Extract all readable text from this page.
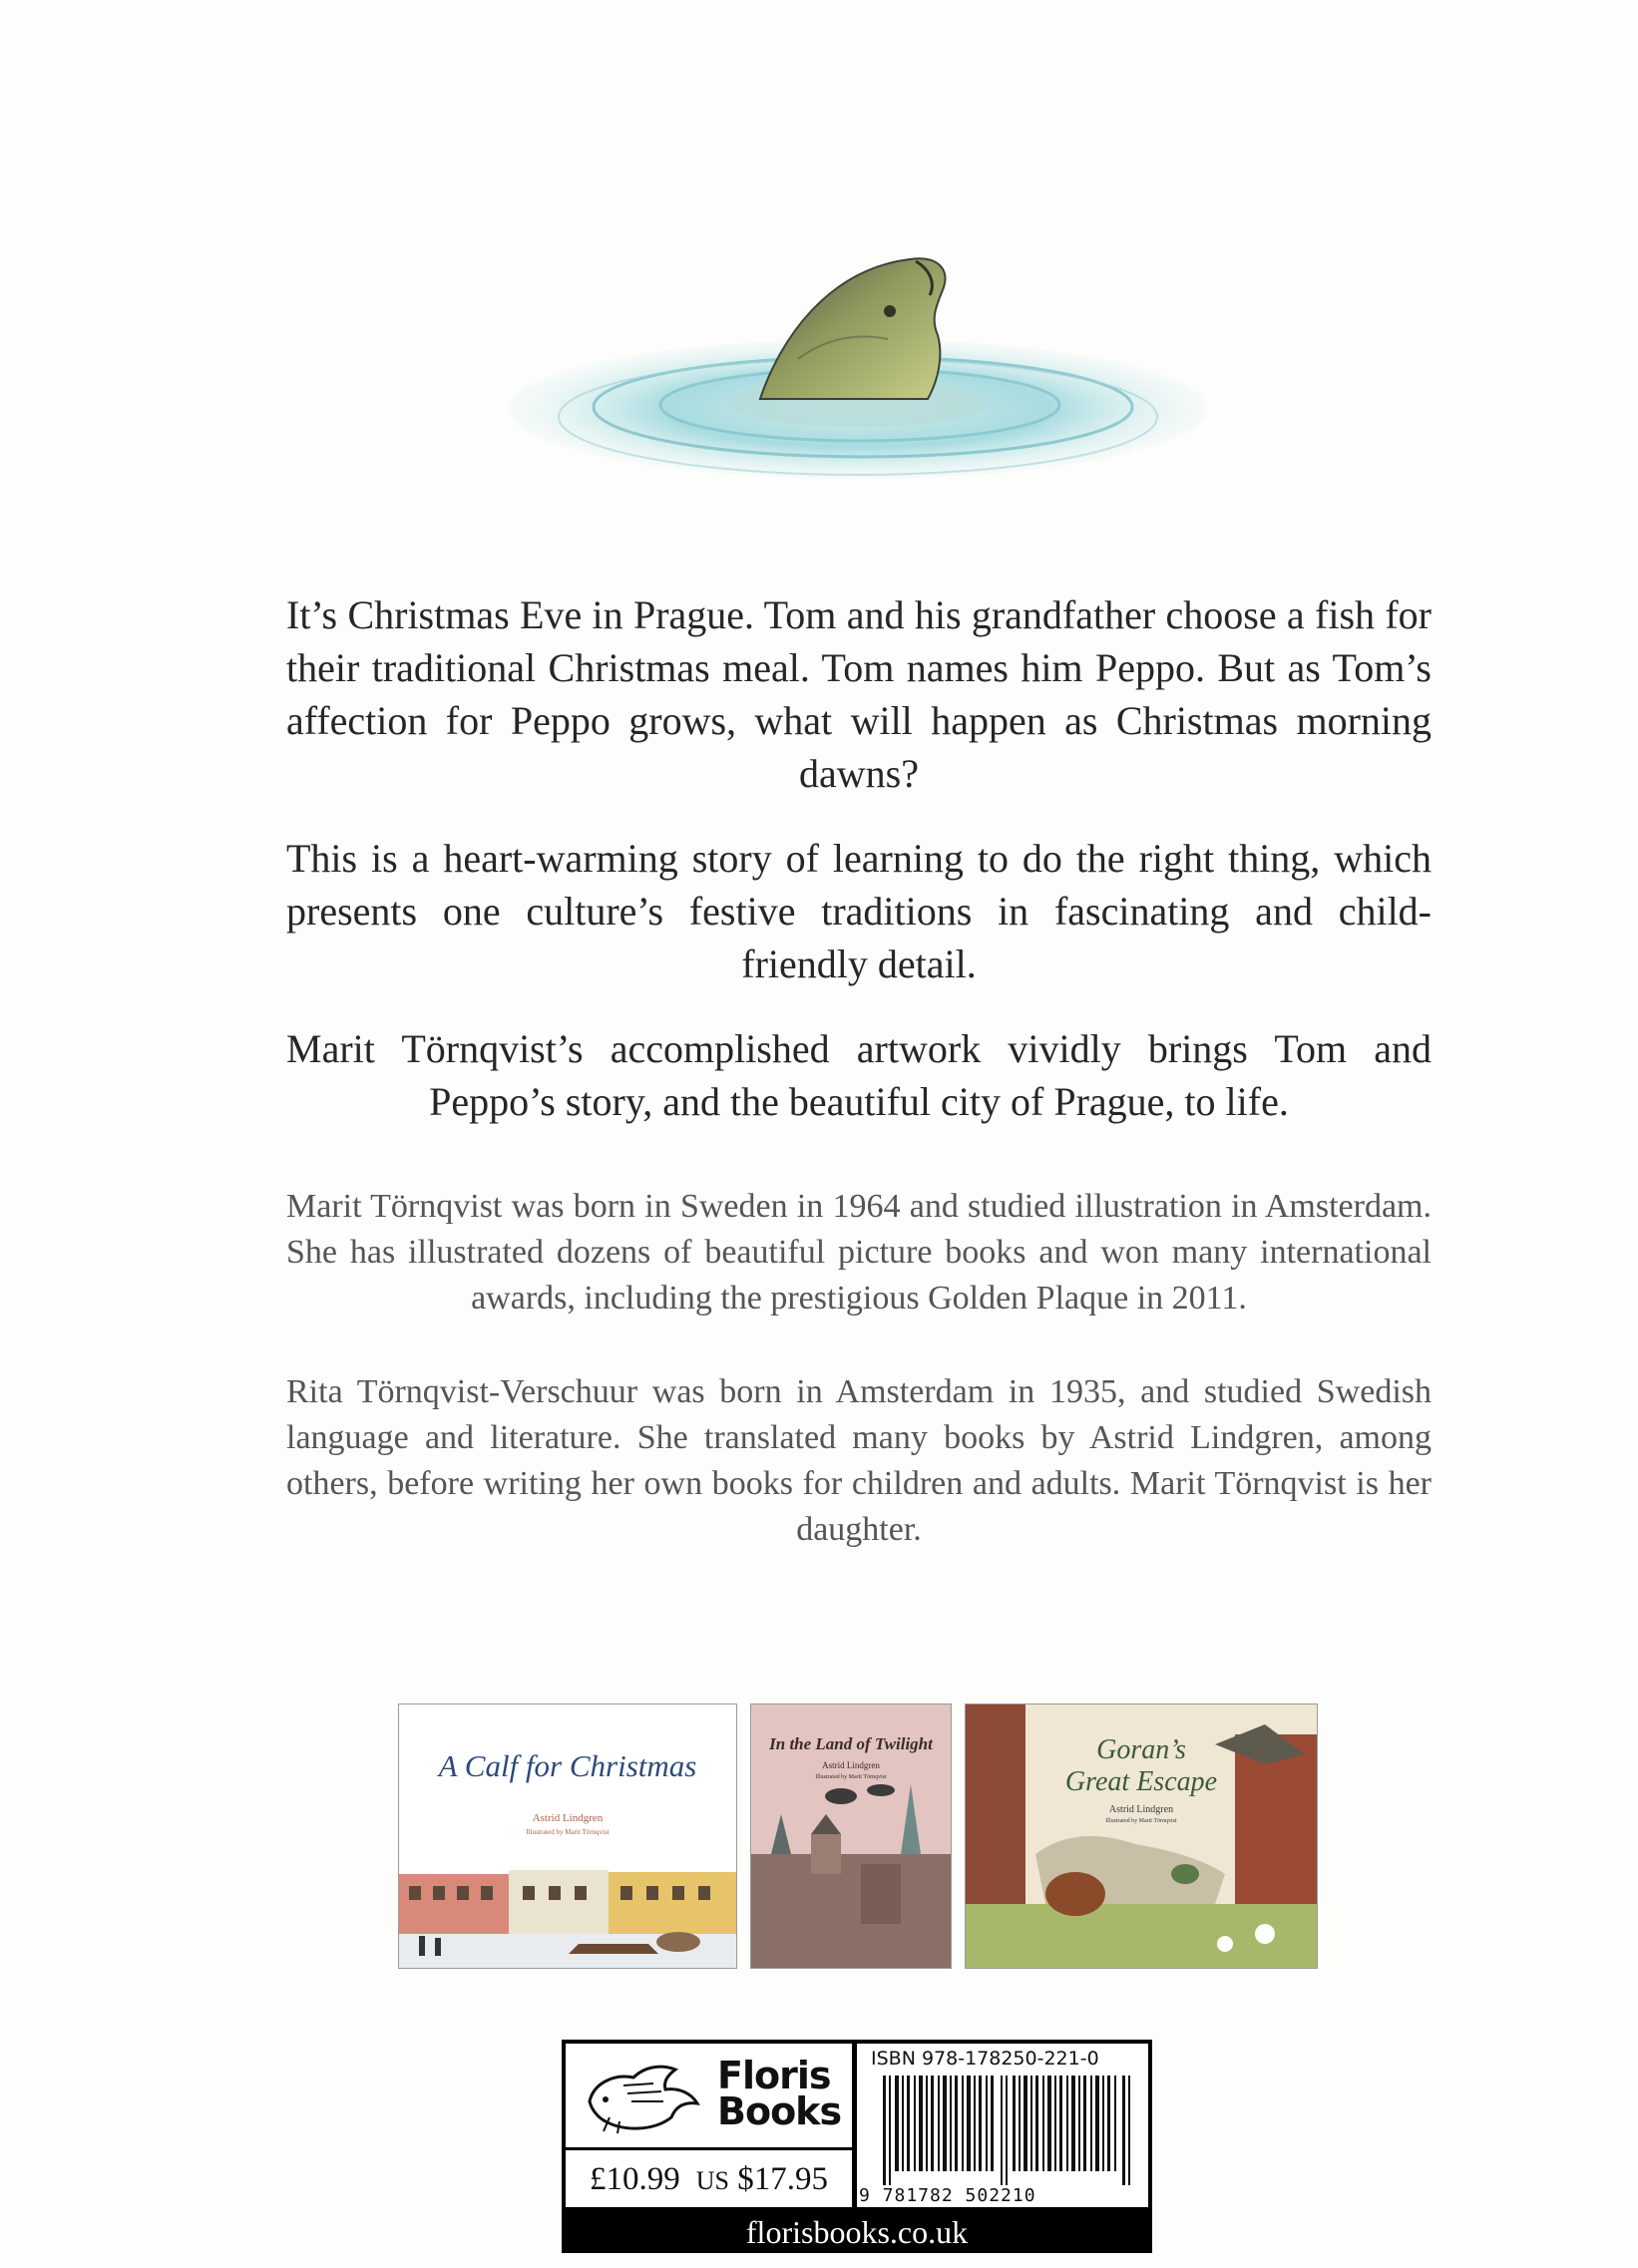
It’s Christmas Eve in Prague. Tom and his grandfather choose a fish for their traditional Christmas meal. Tom names him Peppo. But as Tom’s affection for Peppo grows, what will happen as Christmas morning dawns?

This is a heart-warming story of learning to do the right thing, which presents one culture’s festive traditions in fascinating and child-friendly detail.

Marit Törnqvist’s accomplished artwork vividly brings Tom and Peppo’s story, and the beautiful city of Prague, to life.

Marit Törnqvist was born in Sweden in 1964 and studied illustration in Amsterdam. She has illustrated dozens of beautiful picture books and won many international awards, including the prestigious Golden Plaque in 2011.

Rita Törnqvist-Verschuur was born in Amsterdam in 1935, and studied Swedish language and literature. She translated many books by Astrid Lindgren, among others, before writing her own books for children and adults. Marit Törnqvist is her daughter.

A Calf for Christmas
Astrid Lindgren
Illustrated by Marit Törnqvist
In the Land of Twilight
Astrid Lindgren
Illustrated by Marit Törnqvist
Goran’s
Great Escape
Astrid Lindgren
Illustrated by Marit Törnqvist
Floris
Books
£10.99 US $17.95
ISBN 978-178250-221-0
9 781782 502210
florisbooks.co.uk
